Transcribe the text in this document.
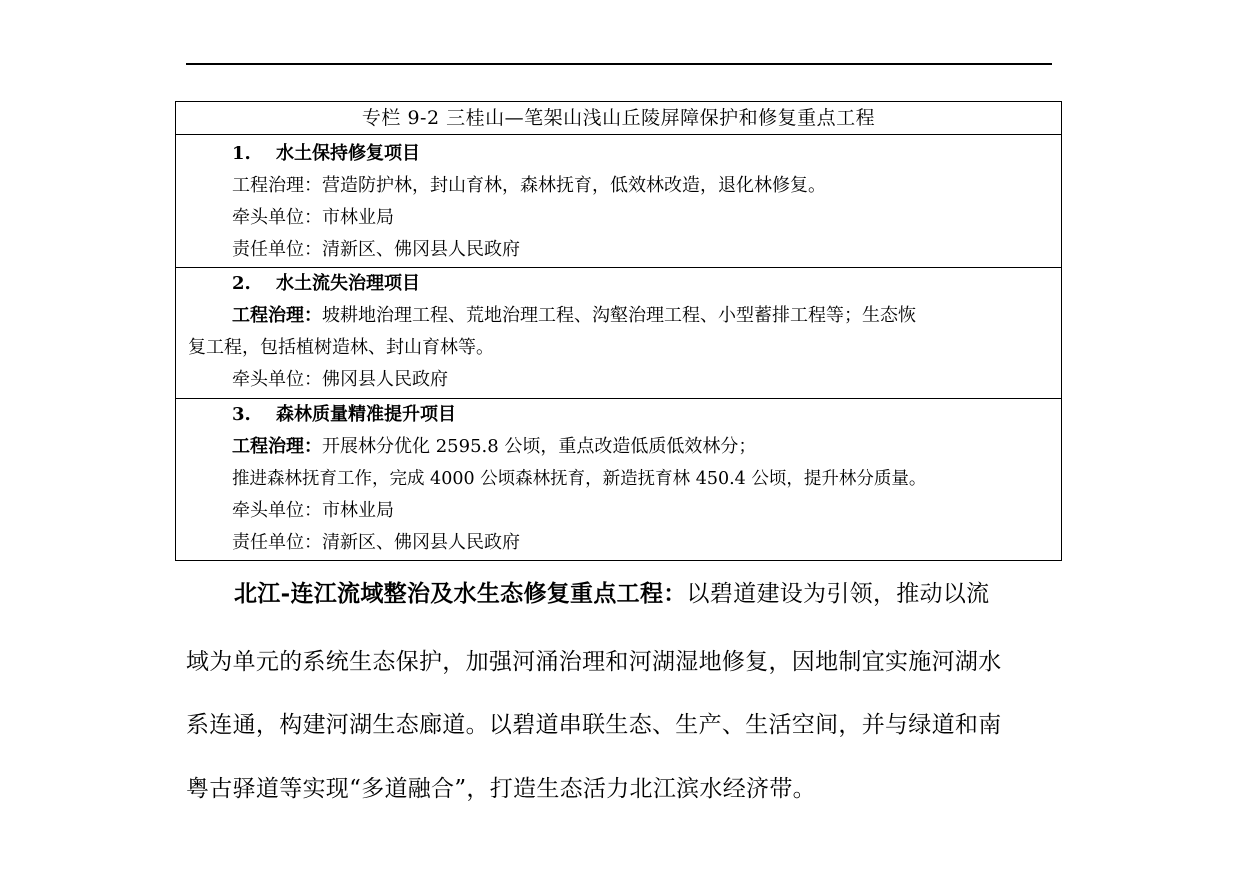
专栏 9-2 三桂山—笔架山浅山丘陵屏障保护和修复重点工程
1. 水土保持修复项目
工程治理：营造防护林，封山育林，森林抚育，低效林改造，退化林修复。
牵头单位：市林业局
责任单位：清新区、佛冈县人民政府
2. 水土流失治理项目
工程治理：坡耕地治理工程、荒地治理工程、沟壑治理工程、小型蓄排工程等；生态恢
复工程，包括植树造林、封山育林等。
牵头单位：佛冈县人民政府
3. 森林质量精准提升项目
工程治理：开展林分优化 2595.8 公顷，重点改造低质低效林分；
推进森林抚育工作，完成 4000 公顷森林抚育，新造抚育林 450.4 公顷，提升林分质量。
牵头单位：市林业局
责任单位：清新区、佛冈县人民政府
北江-连江流域整治及水生态修复重点工程：以碧道建设为引领，推动以流
域为单元的系统生态保护，加强河涌治理和河湖湿地修复，因地制宜实施河湖水
系连通，构建河湖生态廊道。以碧道串联生态、生产、生活空间，并与绿道和南
粤古驿道等实现“多道融合”，打造生态活力北江滨水经济带。
